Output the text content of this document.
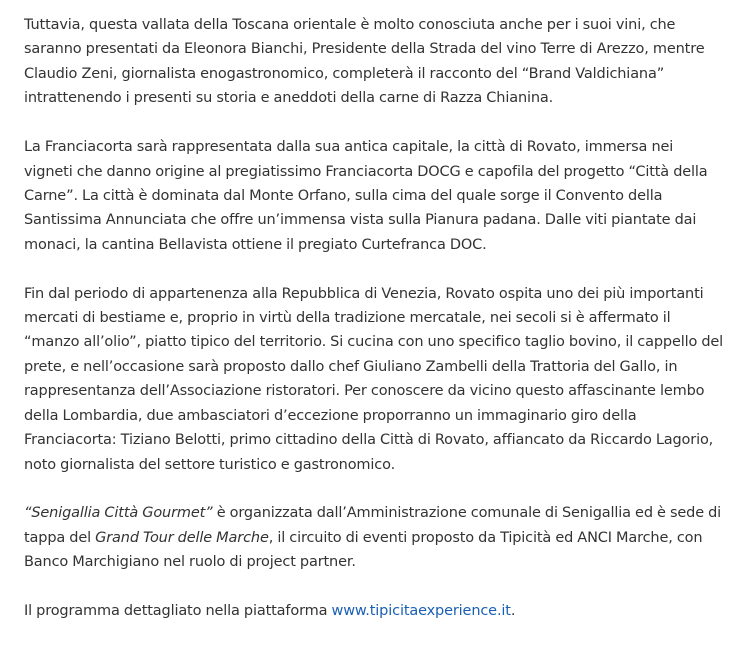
Tuttavia, questa vallata della Toscana orientale è molto conosciuta anche per i suoi vini, che saranno presentati da Eleonora Bianchi, Presidente della Strada del vino Terre di Arezzo, mentre Claudio Zeni, giornalista enogastronomico, completerà il racconto del “Brand Valdichiana” intrattenendo i presenti su storia e aneddoti della carne di Razza Chianina.

La Franciacorta sarà rappresentata dalla sua antica capitale, la città di Rovato, immersa nei vigneti che danno origine al pregiatissimo Franciacorta DOCG e capofila del progetto “Città della Carne”. La città è dominata dal Monte Orfano, sulla cima del quale sorge il Convento della Santissima Annunciata che offre un’immensa vista sulla Pianura padana. Dalle viti piantate dai monaci, la cantina Bellavista ottiene il pregiato Curtefranca DOC.

Fin dal periodo di appartenenza alla Repubblica di Venezia, Rovato ospita uno dei più importanti mercati di bestiame e, proprio in virtù della tradizione mercatale, nei secoli si è affermato il “manzo all’olio”, piatto tipico del territorio. Si cucina con uno specifico taglio bovino, il cappello del prete, e nell’occasione sarà proposto dallo chef Giuliano Zambelli della Trattoria del Gallo, in rappresentanza dell’Associazione ristoratori. Per conoscere da vicino questo affascinante lembo della Lombardia, due ambasciatori d’eccezione proporranno un immaginario giro della Franciacorta: Tiziano Belotti, primo cittadino della Città di Rovato, affiancato da Riccardo Lagorio, noto giornalista del settore turistico e gastronomico.

“Senigallia Città Gourmet” è organizzata dall’Amministrazione comunale di Senigallia ed è sede di tappa del Grand Tour delle Marche, il circuito di eventi proposto da Tipicità ed ANCI Marche, con Banco Marchigiano nel ruolo di project partner.

Il programma dettagliato nella piattaforma www.tipicitaexperience.it.
